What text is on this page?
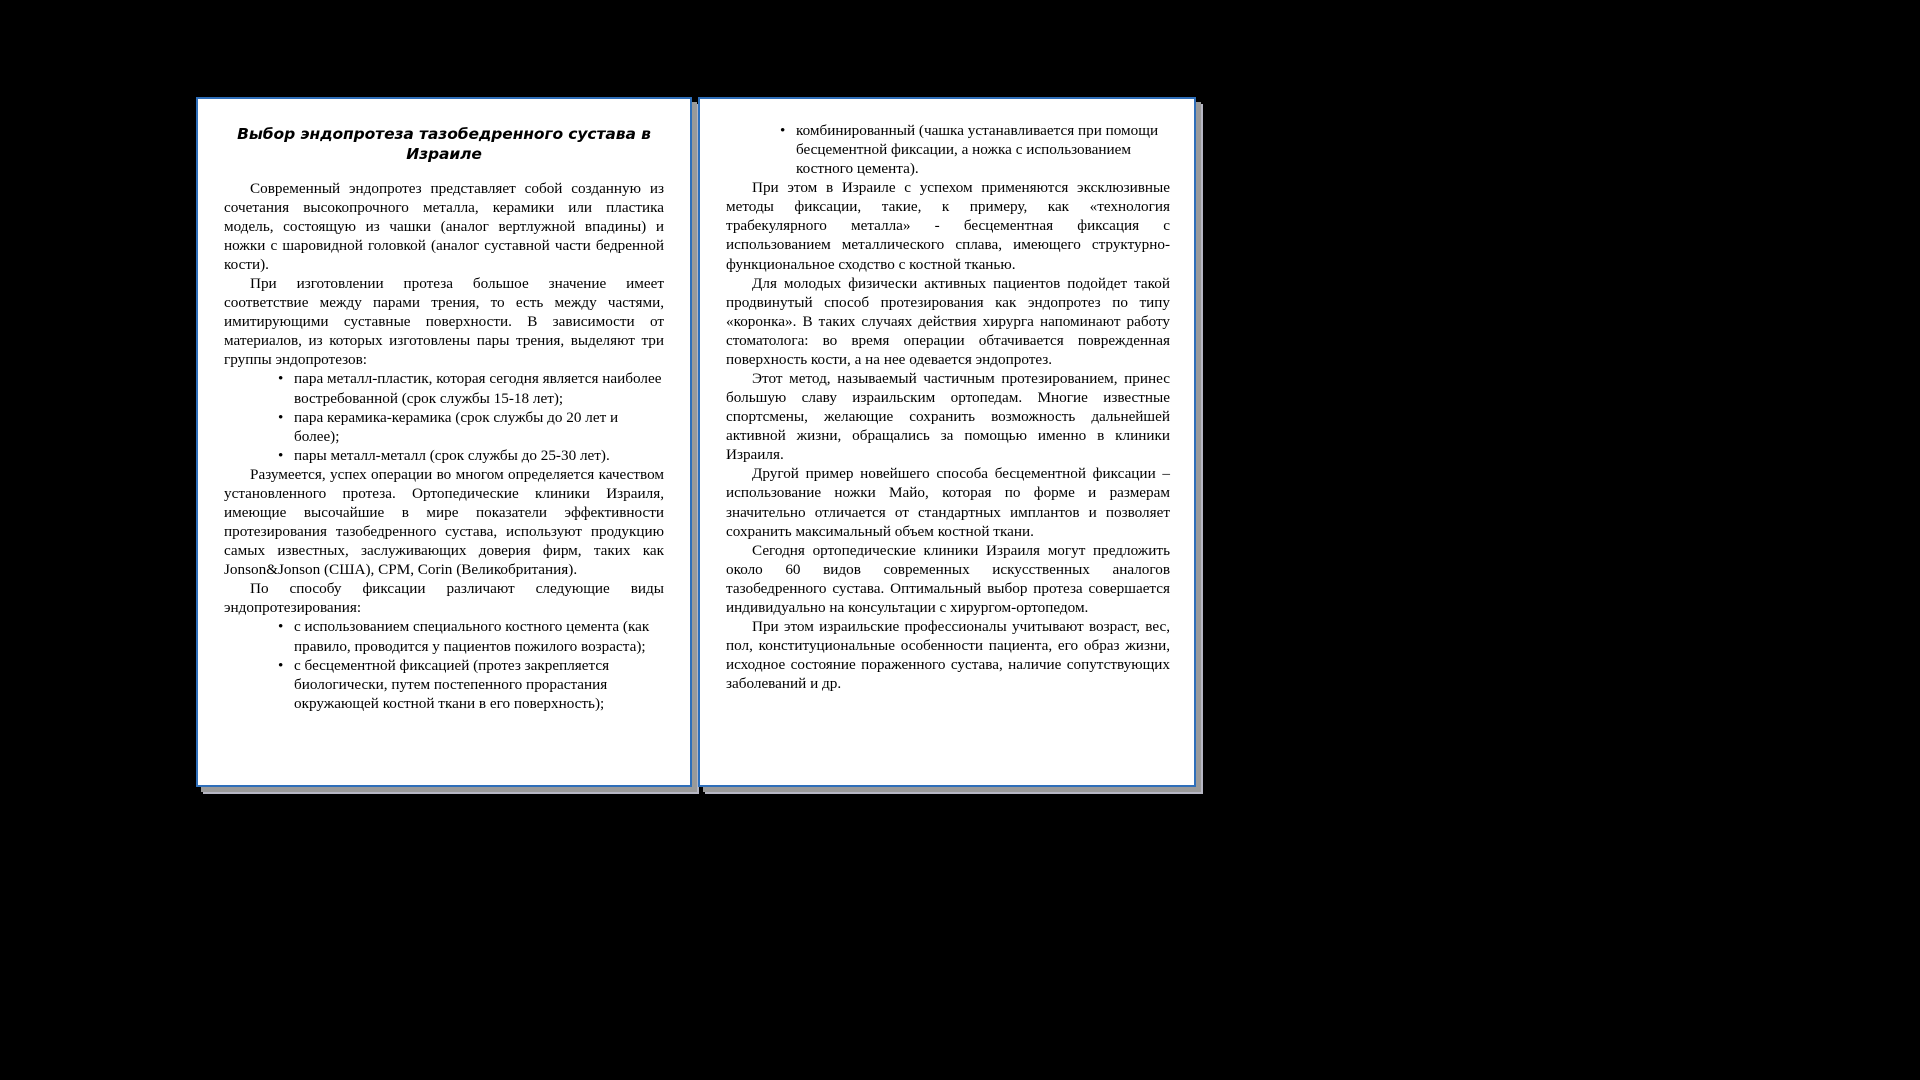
Выбор эндопротеза тазобедренного сустава в Израиле

Современный эндопротез представляет собой созданную из сочетания высокопрочного металла, керамики или пластика модель, состоящую из чашки (аналог вертлужной впадины) и ножки с шаровидной головкой (аналог суставной части бедренной кости).

При изготовлении протеза большое значение имеет соответствие между парами трения, то есть между частями, имитирующими суставные поверхности. В зависимости от материалов, из которых изготовлены пары трения, выделяют три группы эндопротезов:

• пара металл-пластик, которая сегодня является наиболее востребованной (срок службы 15-18 лет);
• пара керамика-керамика (срок службы до 20 лет и более);
• пары металл-металл (срок службы до 25-30 лет).

Разумеется, успех операции во многом определяется качеством установленного протеза. Ортопедические клиники Израиля, имеющие высочайшие в мире показатели эффективности протезирования тазобедренного сустава, используют продукцию самых известных, заслуживающих доверия фирм, таких как Jonson&Jonson (США), CPM, Corin (Великобритания).

По способу фиксации различают следующие виды эндопротезирования:

• с использованием специального костного цемента (как правило, проводится у пациентов пожилого возраста);
• с бесцементной фиксацией (протез закрепляется биологически, путем постепенного прорастания окружающей костной ткани в его поверхность);
• комбинированный (чашка устанавливается при помощи бесцементной фиксации, а ножка с использованием костного цемента).

При этом в Израиле с успехом применяются эксклюзивные методы фиксации, такие, к примеру, как «технология трабекулярного металла» - бесцементная фиксация с использованием металлического сплава, имеющего структурно-функциональное сходство с костной тканью.

Для молодых физически активных пациентов подойдет такой продвинутый способ протезирования как эндопротез по типу «коронка». В таких случаях действия хирурга напоминают работу стоматолога: во время операции обтачивается поврежденная поверхность кости, а на нее одевается эндопротез.

Этот метод, называемый частичным протезированием, принес большую славу израильским ортопедам. Многие известные спортсмены, желающие сохранить возможность дальнейшей активной жизни, обращались за помощью именно в клиники Израиля.

Другой пример новейшего способа бесцементной фиксации – использование ножки Майо, которая по форме и размерам значительно отличается от стандартных имплантов и позволяет сохранить максимальный объем костной ткани.

Сегодня ортопедические клиники Израиля могут предложить около 60 видов современных искусственных аналогов тазобедренного сустава. Оптимальный выбор протеза совершается индивидуально на консультации с хирургом-ортопедом.

При этом израильские профессионалы учитывают возраст, вес, пол, конституциональные особенности пациента, его образ жизни, исходное состояние пораженного сустава, наличие сопутствующих заболеваний и др.
